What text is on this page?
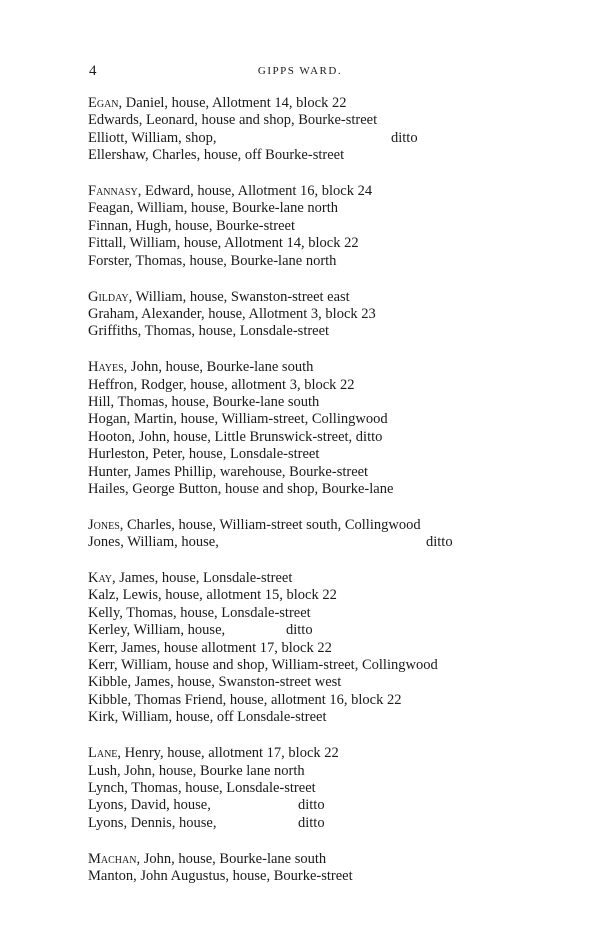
4	GIPPS WARD.
Egan, Daniel, house, Allotment 14, block 22
Edwards, Leonard, house and shop, Bourke-street
Elliott, William, shop,	ditto
Ellershaw, Charles, house, off Bourke-street
Fannasy, Edward, house, Allotment 16, block 24
Feagan, William, house, Bourke-lane north
Finnan, Hugh, house, Bourke-street
Fittall, William, house, Allotment 14, block 22
Forster, Thomas, house, Bourke-lane north
Gilday, William, house, Swanston-street east
Graham, Alexander, house, Allotment 3, block 23
Griffiths, Thomas, house, Lonsdale-street
Hayes, John, house, Bourke-lane south
Heffron, Rodger, house, allotment 3, block 22
Hill, Thomas, house, Bourke-lane south
Hogan, Martin, house, William-street, Collingwood
Hooton, John, house, Little Brunswick-street, ditto
Hurleston, Peter, house, Lonsdale-street
Hunter, James Phillip, warehouse, Bourke-street
Hailes, George Button, house and shop, Bourke-lane
Jones, Charles, house, William-street south, Collingwood
Jones, William, house,	ditto
Kay, James, house, Lonsdale-street
Kalz, Lewis, house, allotment 15, block 22
Kelly, Thomas, house, Lonsdale-street
Kerley, William, house,	ditto
Kerr, James, house allotment 17, block 22
Kerr, William, house and shop, William-street, Collingwood
Kibble, James, house, Swanston-street west
Kibble, Thomas Friend, house, allotment 16, block 22
Kirk, William, house, off Lonsdale-street
Lane, Henry, house, allotment 17, block 22
Lush, John, house, Bourke lane north
Lynch, Thomas, house, Lonsdale-street
Lyons, David, house,	ditto
Lyons, Dennis, house,	ditto
Machan, John, house, Bourke-lane south
Manton, John Augustus, house, Bourke-street
